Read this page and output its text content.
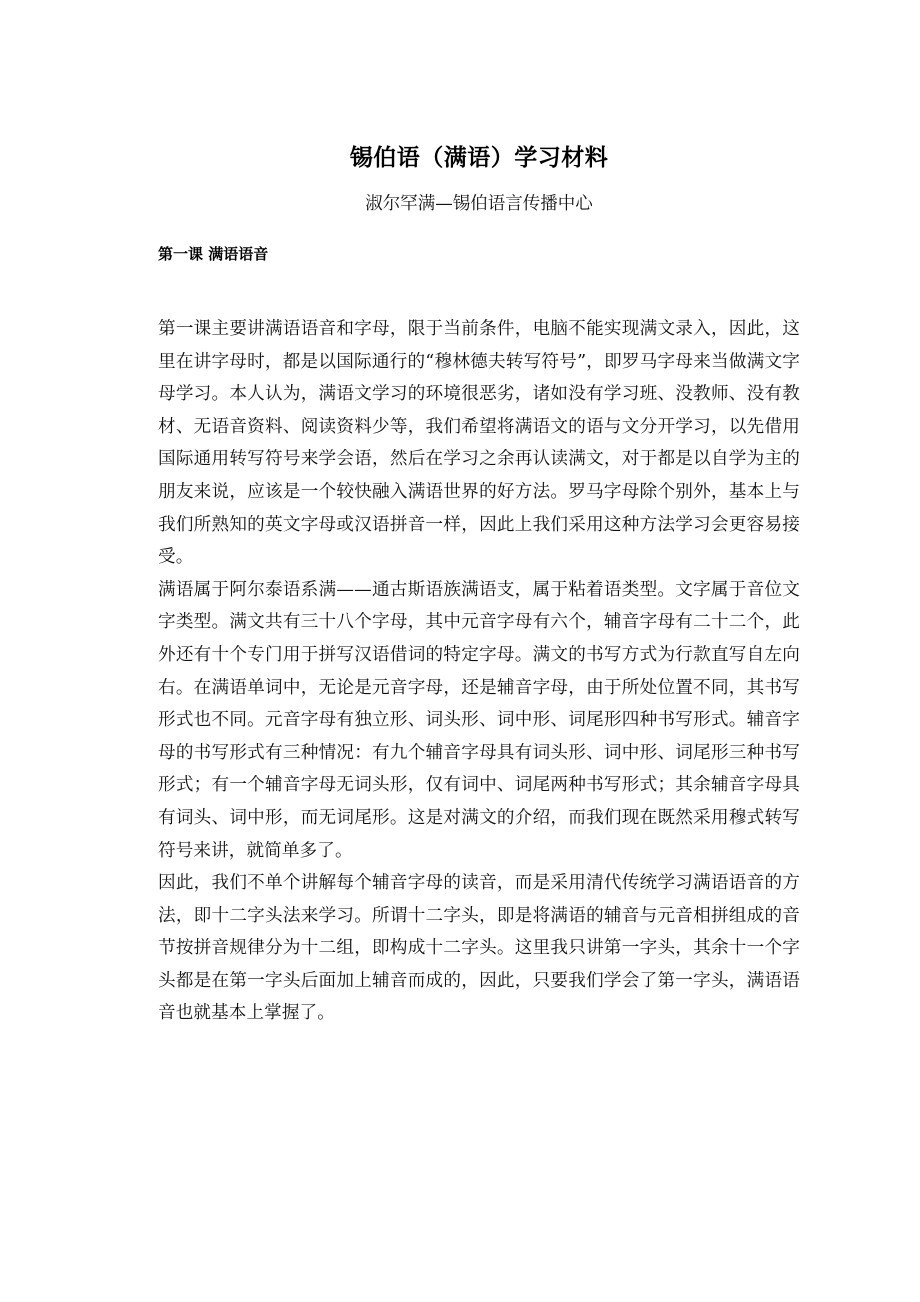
锡伯语（满语）学习材料
淑尔罕满—锡伯语言传播中心
第一课 满语语音

第一课主要讲满语语音和字母，限于当前条件，电脑不能实现满文录入，因此，这里在讲字母时，都是以国际通行的“穆林德夫转写符号”，即罗马字母来当做满文字母学习。本人认为，满语文学习的环境很恶劣，诸如没有学习班、没教师、没有教材、无语音资料、阅读资料少等，我们希望将满语文的语与文分开学习，以先借用国际通用转写符号来学会语，然后在学习之余再认读满文，对于都是以自学为主的朋友来说，应该是一个较快融入满语世界的好方法。罗马字母除个别外，基本上与我们所熟知的英文字母或汉语拼音一样，因此上我们采用这种方法学习会更容易接受。

满语属于阿尔泰语系满——通古斯语族满语支，属于粘着语类型。文字属于音位文字类型。满文共有三十八个字母，其中元音字母有六个，辅音字母有二十二个，此外还有十个专门用于拼写汉语借词的特定字母。满文的书写方式为行款直写自左向右。在满语单词中，无论是元音字母，还是辅音字母，由于所处位置不同，其书写形式也不同。元音字母有独立形、词头形、词中形、词尾形四种书写形式。辅音字母的书写形式有三种情况：有九个辅音字母具有词头形、词中形、词尾形三种书写形式；有一个辅音字母无词头形，仅有词中、词尾两种书写形式；其余辅音字母具有词头、词中形，而无词尾形。这是对满文的介绍，而我们现在既然采用穆式转写符号来讲，就简单多了。

因此，我们不单个讲解每个辅音字母的读音，而是采用清代传统学习满语语音的方法，即十二字头法来学习。所谓十二字头，即是将满语的辅音与元音相拼组成的音节按拼音规律分为十二组，即构成十二字头。这里我只讲第一字头，其余十一个字头都是在第一字头后面加上辅音而成的，因此，只要我们学会了第一字头，满语语音也就基本上掌握了。
